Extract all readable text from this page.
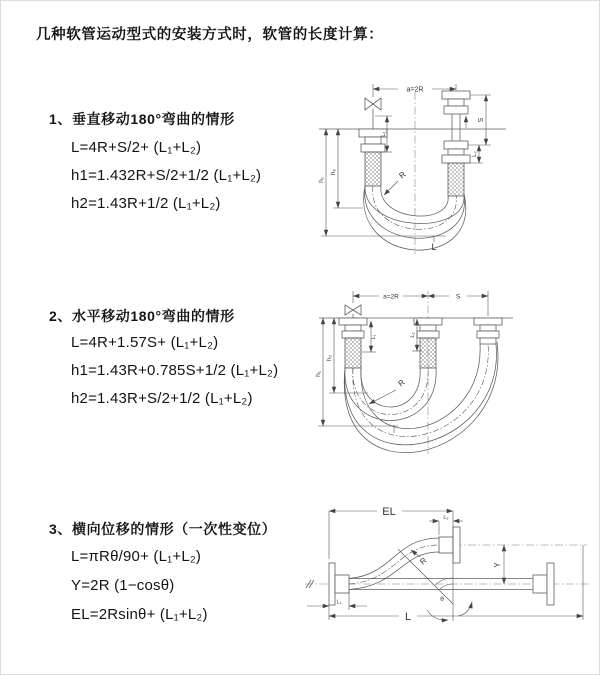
几种软管运动型式的安装方式时，软管的长度计算：
1、垂直移动180°弯曲的情形
L=4R+S/2+ (L₁+L₂)
h1=1.432R+S/2+1/2 (L₁+L₂)
h2=1.43R+1/2 (L₁+L₂)
2、水平移动180°弯曲的情形
L=4R+1.57S+ (L₁+L₂)
h1=1.43R+0.785S+1/2 (L₁+L₂)
h2=1.43R+S/2+1/2 (L₁+L₂)
3、横向位移的情形（一次性变位）
L=πRθ/90+ (L₁+L₂)
Y=2R (1−cosθ)
EL=2Rsinθ+ (L₁+L₂)
a=2R
L₁
S
L₂
h₁
h₂	R
L
a=2R	S
L₁	L₂
h₁
h₂
R
EL	L₂
L₁
L
Y
θ
R
